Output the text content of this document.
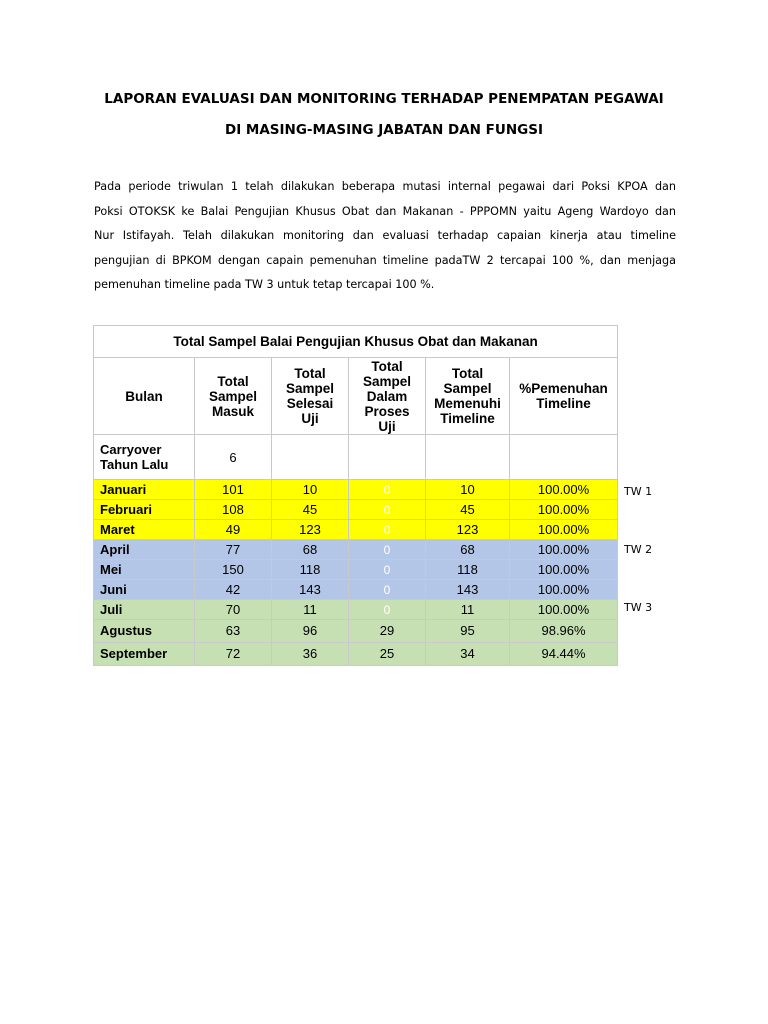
LAPORAN EVALUASI DAN MONITORING TERHADAP PENEMPATAN PEGAWAI
DI MASING-MASING JABATAN DAN FUNGSI
Pada periode triwulan 1 telah dilakukan beberapa mutasi internal pegawai dari Poksi KPOA dan
Poksi OTOKSK ke Balai Pengujian Khusus Obat dan Makanan - PPPOMN yaitu Ageng Wardoyo dan
Nur Istifayah. Telah dilakukan monitoring dan evaluasi terhadap capaian kinerja atau timeline
pengujian di BPKOM dengan capain pemenuhan timeline padaTW 2 tercapai 100 %, dan menjaga
pemenuhan timeline pada TW 3 untuk tetap tercapai 100 %.
Total Sampel Balai Pengujian Khusus Obat dan Makanan					
Bulan	Total
Sampel
Masuk	Total
Sampel
Selesai
Uji	Total
Sampel
Dalam
Proses
Uji	Total
Sampel
Memenuhi
Timeline	%Pemenuhan
Timeline
Carryover
Tahun Lalu	6				
Januari	101	10	0	10	100.00%
Februari	108	45	0	45	100.00%
Maret	49	123	0	123	100.00%
April	77	68	0	68	100.00%
Mei	150	118	0	118	100.00%
Juni	42	143	0	143	100.00%
Juli	70	11	0	11	100.00%
Agustus	63	96	29	95	98.96%
September	72	36	25	34	94.44%
TW 1
TW 2
TW 3
